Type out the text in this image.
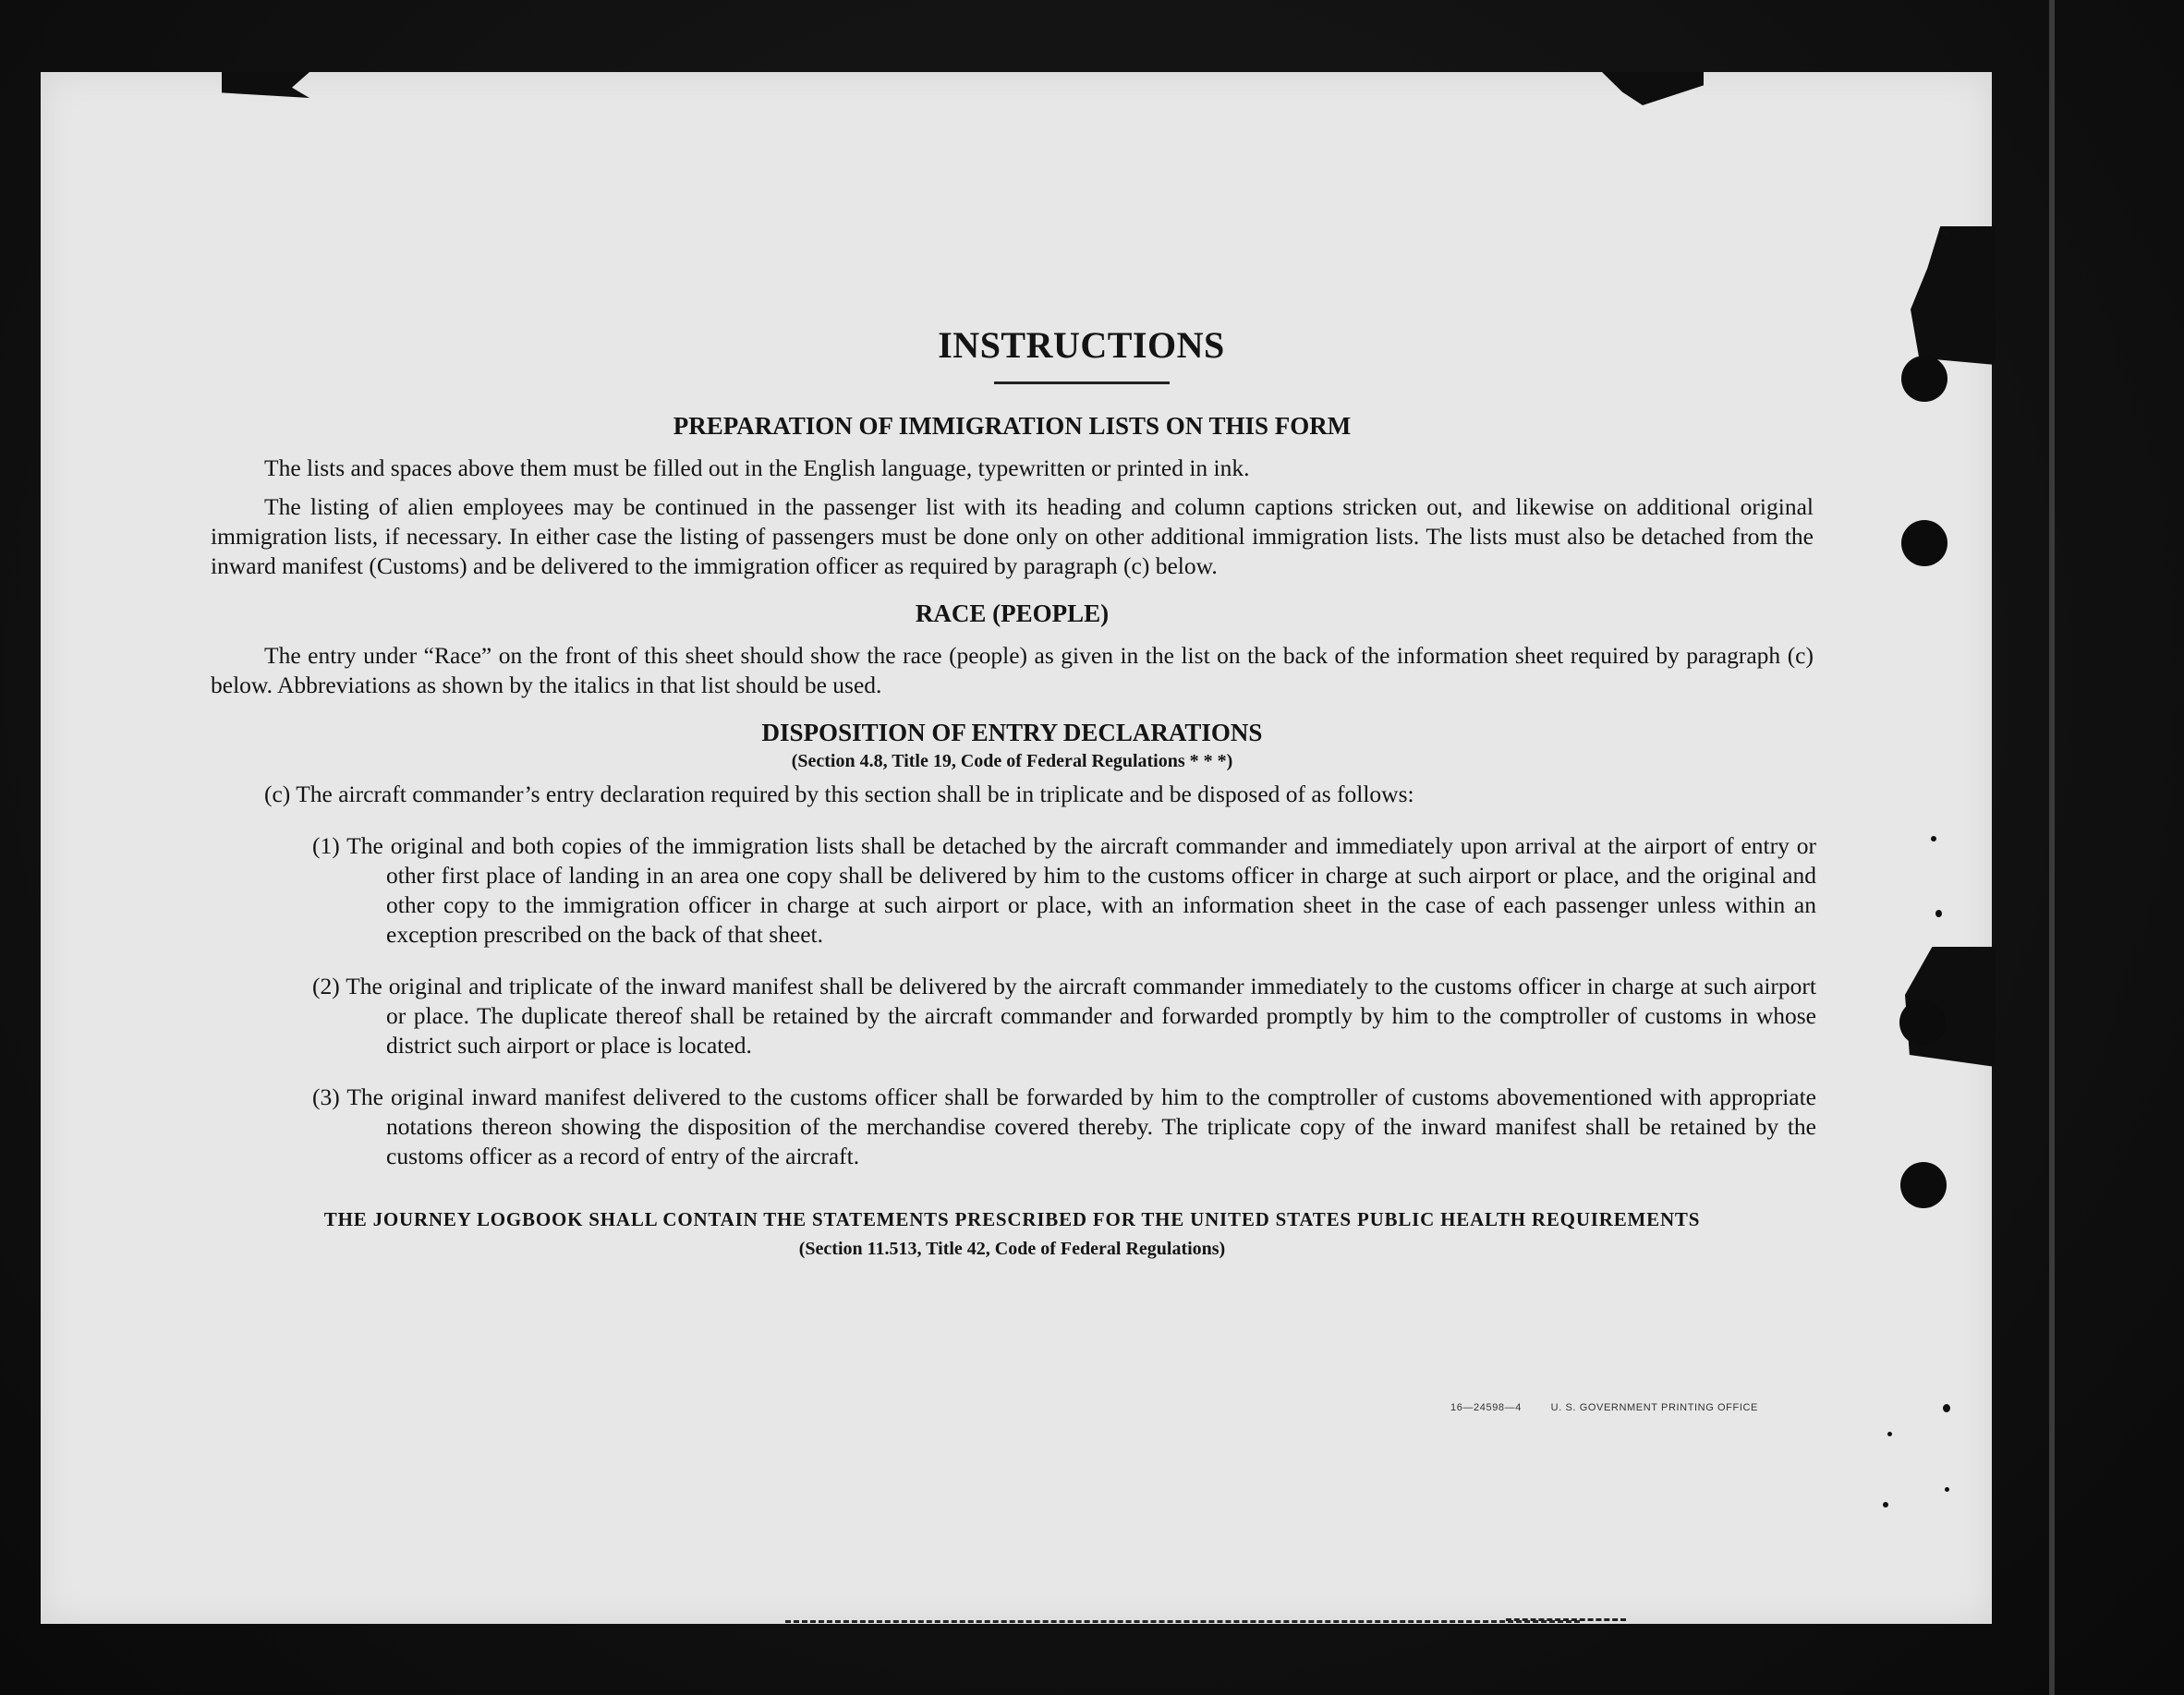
INSTRUCTIONS
PREPARATION OF IMMIGRATION LISTS ON THIS FORM

The lists and spaces above them must be filled out in the English language, typewritten or printed in ink.

The listing of alien employees may be continued in the passenger list with its heading and column captions stricken out, and likewise on additional original immigration lists, if necessary. In either case the listing of passengers must be done only on other additional immigration lists. The lists must also be detached from the inward manifest (Customs) and be delivered to the immigration officer as required by paragraph (c) below.

RACE (PEOPLE)

The entry under “Race” on the front of this sheet should show the race (people) as given in the list on the back of the information sheet required by paragraph (c) below. Abbreviations as shown by the italics in that list should be used.

DISPOSITION OF ENTRY DECLARATIONS
(Section 4.8, Title 19, Code of Federal Regulations * * *)

(c) The aircraft commander’s entry declaration required by this section shall be in triplicate and be disposed of as follows:

(1) The original and both copies of the immigration lists shall be detached by the aircraft commander and immediately upon arrival at the airport of entry or other first place of landing in an area one copy shall be delivered by him to the customs officer in charge at such airport or place, and the original and other copy to the immigration officer in charge at such airport or place, with an information sheet in the case of each passenger unless within an exception prescribed on the back of that sheet.

(2) The original and triplicate of the inward manifest shall be delivered by the aircraft commander immediately to the customs officer in charge at such airport or place. The duplicate thereof shall be retained by the aircraft commander and forwarded promptly by him to the comptroller of customs in whose district such airport or place is located.

(3) The original inward manifest delivered to the customs officer shall be forwarded by him to the comptroller of customs abovementioned with appropriate notations thereon showing the disposition of the merchandise covered thereby. The triplicate copy of the inward manifest shall be retained by the customs officer as a record of entry of the aircraft.

THE JOURNEY LOGBOOK SHALL CONTAIN THE STATEMENTS PRESCRIBED FOR THE UNITED STATES PUBLIC HEALTH REQUIREMENTS
(Section 11.513, Title 42, Code of Federal Regulations)
16—24598—4	U. S. GOVERNMENT PRINTING OFFICE
